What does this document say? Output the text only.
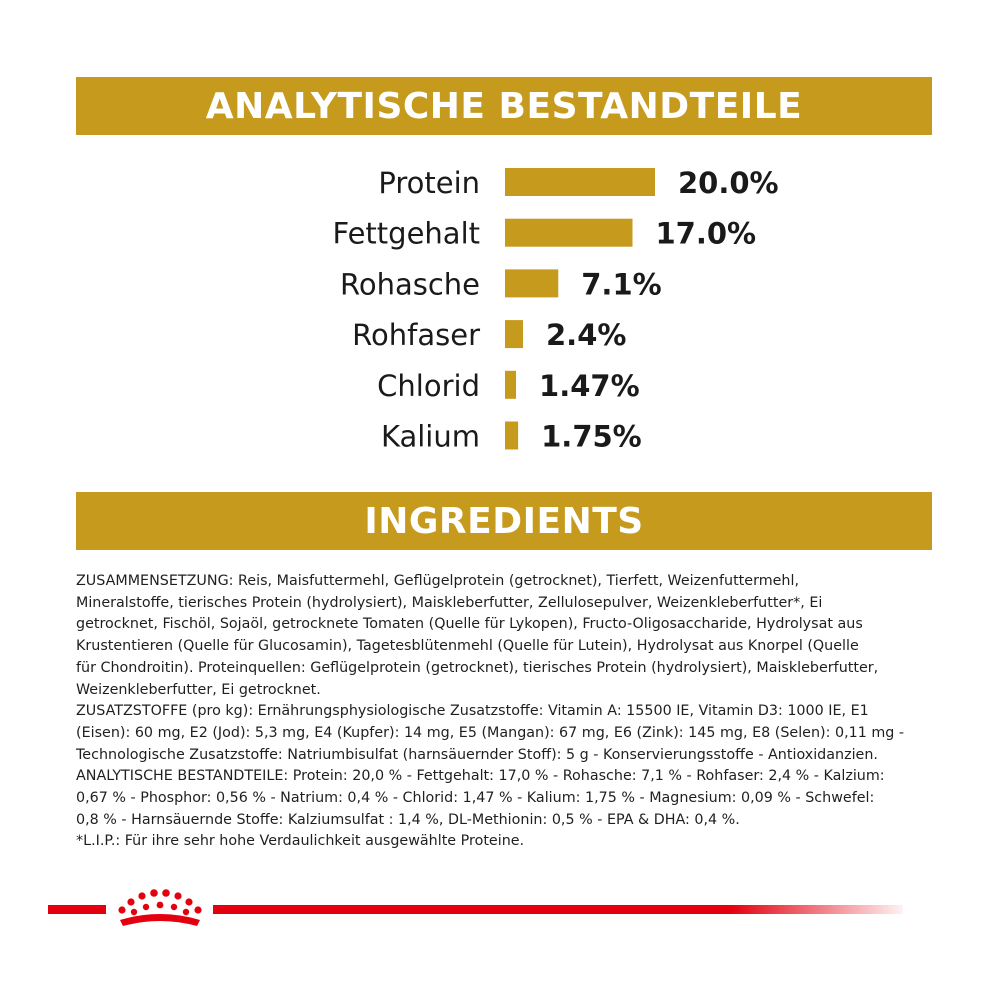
ANALYTISCHE BESTANDTEILE
Protein	20.0%
Fettgehalt	17.0%
Rohasche	7.1%
Rohfaser 2.4%
Chlorid 1.47%
Kalium 1.75%
INGREDIENTS
ZUSAMMENSETZUNG: Reis, Maisfuttermehl, Geflügelprotein (getrocknet), Tierfett, Weizenfuttermehl,
Mineralstoffe, tierisches Protein (hydrolysiert), Maiskleberfutter, Zellulosepulver, Weizenkleberfutter*, Ei
getrocknet, Fischöl, Sojaöl, getrocknete Tomaten (Quelle für Lykopen), Fructo-Oligosaccharide, Hydrolysat aus
Krustentieren (Quelle für Glucosamin), Tagetesblütenmehl (Quelle für Lutein), Hydrolysat aus Knorpel (Quelle
für Chondroitin). Proteinquellen: Geflügelprotein (getrocknet), tierisches Protein (hydrolysiert), Maiskleberfutter,
Weizenkleberfutter, Ei getrocknet.
ZUSATZSTOFFE (pro kg): Ernährungsphysiologische Zusatzstoffe: Vitamin A: 15500 IE, Vitamin D3: 1000 IE, E1
(Eisen): 60 mg, E2 (Jod): 5,3 mg, E4 (Kupfer): 14 mg, E5 (Mangan): 67 mg, E6 (Zink): 145 mg, E8 (Selen): 0,11 mg -
Technologische Zusatzstoffe: Natriumbisulfat (harnsäuernder Stoff): 5 g - Konservierungsstoffe - Antioxidanzien.
ANALYTISCHE BESTANDTEILE: Protein: 20,0 % - Fettgehalt: 17,0 % - Rohasche: 7,1 % - Rohfaser: 2,4 % - Kalzium:
0,67 % - Phosphor: 0,56 % - Natrium: 0,4 % - Chlorid: 1,47 % - Kalium: 1,75 % - Magnesium: 0,09 % - Schwefel:
0,8 % - Harnsäuernde Stoffe: Kalziumsulfat : 1,4 %, DL-Methionin: 0,5 % - EPA & DHA: 0,4 %.
*L.I.P.: Für ihre sehr hohe Verdaulichkeit ausgewählte Proteine.
